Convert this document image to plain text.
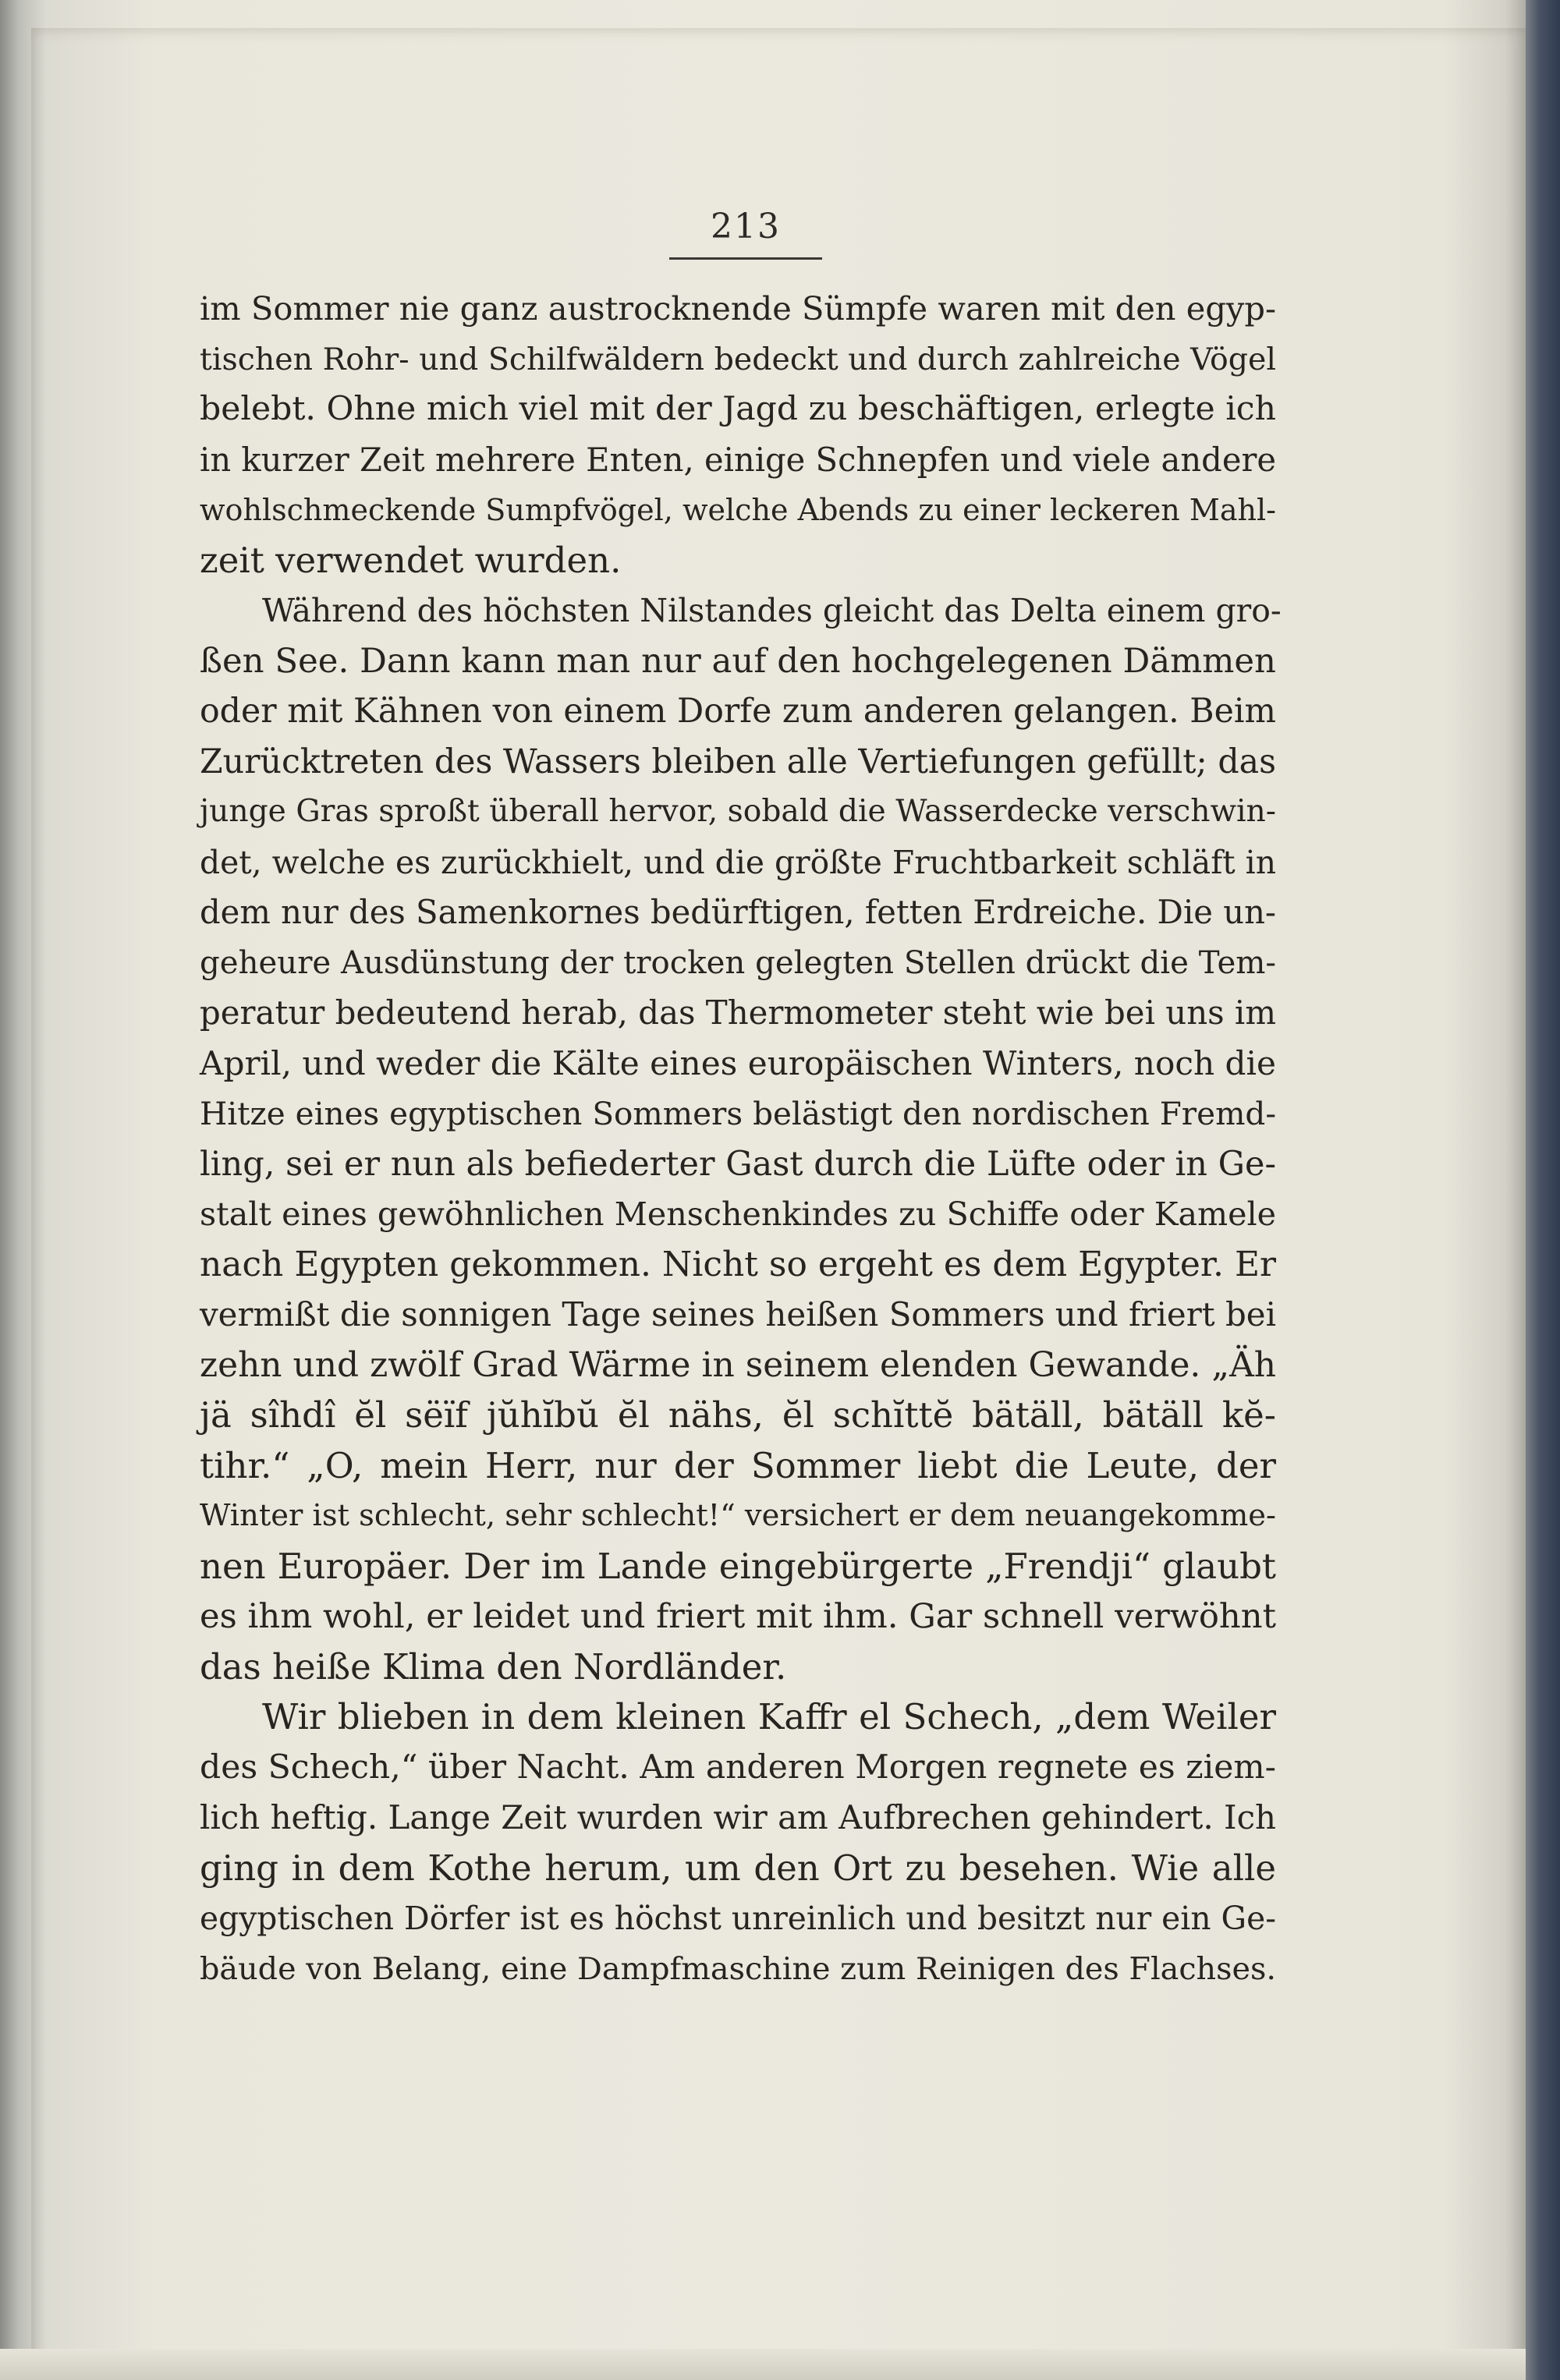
213
im Sommer nie ganz austrocknende Sümpfe waren mit den egyp-
tischen Rohr- und Schilfwäldern bedeckt und durch zahlreiche Vögel
belebt. Ohne mich viel mit der Jagd zu beschäftigen, erlegte ich
in kurzer Zeit mehrere Enten, einige Schnepfen und viele andere
wohlschmeckende Sumpfvögel, welche Abends zu einer leckeren Mahl-
zeit verwendet wurden.
Während des höchsten Nilstandes gleicht das Delta einem gro-
ßen See. Dann kann man nur auf den hochgelegenen Dämmen
oder mit Kähnen von einem Dorfe zum anderen gelangen. Beim
Zurücktreten des Wassers bleiben alle Vertiefungen gefüllt; das
junge Gras sproßt überall hervor, sobald die Wasserdecke verschwin-
det, welche es zurückhielt, und die größte Fruchtbarkeit schläft in
dem nur des Samenkornes bedürftigen, fetten Erdreiche. Die un-
geheure Ausdünstung der trocken gelegten Stellen drückt die Tem-
peratur bedeutend herab, das Thermometer steht wie bei uns im
April, und weder die Kälte eines europäischen Winters, noch die
Hitze eines egyptischen Sommers belästigt den nordischen Fremd-
ling, sei er nun als befiederter Gast durch die Lüfte oder in Ge-
stalt eines gewöhnlichen Menschenkindes zu Schiffe oder Kamele
nach Egypten gekommen. Nicht so ergeht es dem Egypter. Er
vermißt die sonnigen Tage seines heißen Sommers und friert bei
zehn und zwölf Grad Wärme in seinem elenden Gewande. „Äh
jä sîhdî ĕl sëïf jŭhĭbŭ ĕl nähs, ĕl schĭttĕ bätäll, bätäll kĕ-
tihr.“ „O, mein Herr, nur der Sommer liebt die Leute, der
Winter ist schlecht, sehr schlecht!“ versichert er dem neuangekomme-
nen Europäer. Der im Lande eingebürgerte „Frendji“ glaubt
es ihm wohl, er leidet und friert mit ihm. Gar schnell verwöhnt
das heiße Klima den Nordländer.
Wir blieben in dem kleinen Kaffr el Schech, „dem Weiler
des Schech,“ über Nacht. Am anderen Morgen regnete es ziem-
lich heftig. Lange Zeit wurden wir am Aufbrechen gehindert. Ich
ging in dem Kothe herum, um den Ort zu besehen. Wie alle
egyptischen Dörfer ist es höchst unreinlich und besitzt nur ein Ge-
bäude von Belang, eine Dampfmaschine zum Reinigen des Flachses.
